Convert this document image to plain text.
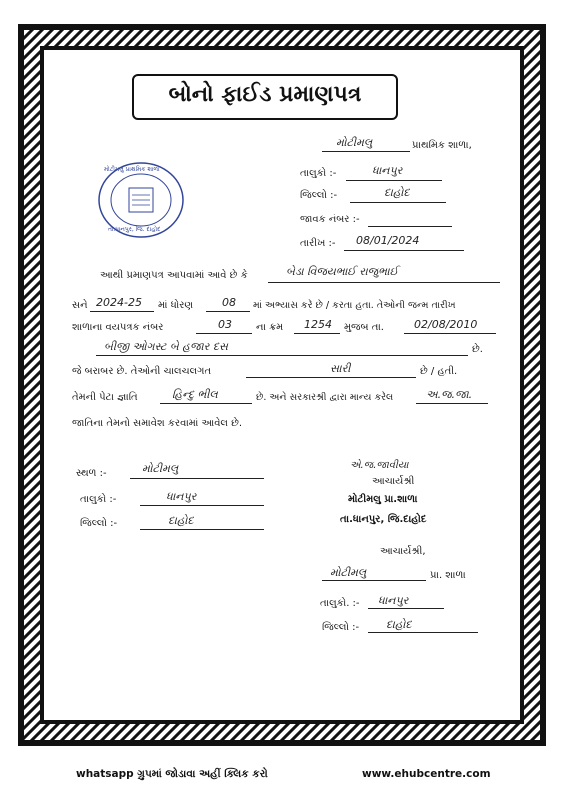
બોનો ફાઈડ પ્રમાણપત્ર
મોટીમલુ પ્રાથમિક શાળા
તા.ધાનપુર, જિ. દાહોદ
મોટીમલુ	પ્રાથમિક શાળા,
તાલુકો :-	ધાનપુર
જિલ્લો :-	દાહોદ
જાવક નંબર :-
તારીખ :- 08/01/2024
આથી પ્રમાણપત્ર આપવામાં આવે છે કે	બેડા વિજયભાઈ રાજુભાઈ
સને 2024-25 માં ધોરણ	08 માં અભ્યાસ કરે છે / કરતા હતા. તેઓની જન્મ તારીખ
શાળાના વયપત્રક નંબર	03 ના ક્રમ 1254 મુજબ તા.	02/08/2010
બીજી ઓગસ્ટ બે હજાર દસ	છે.
જે બરાબર છે. તેઓની ચાલચલગત	સારી	છે / હતી.
તેમની પેટા જ્ઞાતિ	હિન્દુ ભીલ	છે. અને સરકારશ્રી દ્વારા માન્ય કરેલ	અ.જ.જા.
જાતિના તેમનો સમાવેશ કરવામાં આવેલ છે.
સ્થળ :-	મોટીમલુ
તાલુકો :-	ધાનપુર
જિલ્લો :-	દાહોદ
એ.જ.જાવીયા
આચાર્યશ્રી
મોટીમલુ પ્રા.શાળા
તા.ધાનપુર, જિ.દાહોદ
આચાર્યશ્રી,
મોટીમલુ	પ્રા. શાળા
તાલુકો. :- ધાનપુર
જિલ્લો :- દાહોદ
whatsapp ગ્રુપમાં જોડાવા અહીં ક્લિક કરો	www.ehubcentre.com
